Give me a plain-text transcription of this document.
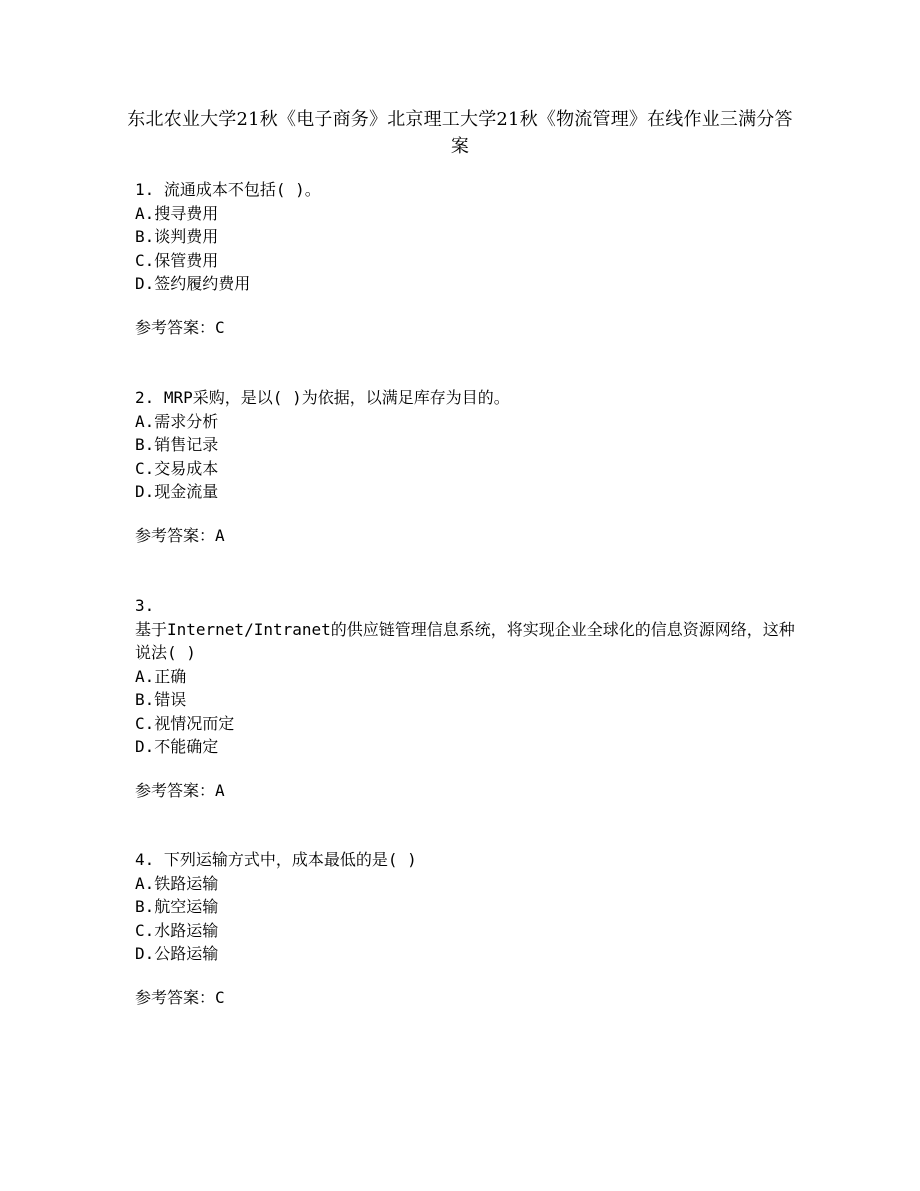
东北农业大学21秋《电子商务》北京理工大学21秋《物流管理》在线作业三满分答案

1. 流通成本不包括( )。

A.搜寻费用
B.谈判费用
C.保管费用
D.签约履约费用
参考答案：C

2. MRP采购，是以( )为依据，以满足库存为目的。

A.需求分析
B.销售记录
C.交易成本
D.现金流量
参考答案：A

3.

基于Internet/Intranet的供应链管理信息系统，将实现企业全球化的信息资源网络，这种说法( )

A.正确
B.错误
C.视情况而定
D.不能确定
参考答案：A

4. 下列运输方式中，成本最低的是( )

A.铁路运输
B.航空运输
C.水路运输
D.公路运输
参考答案：C
